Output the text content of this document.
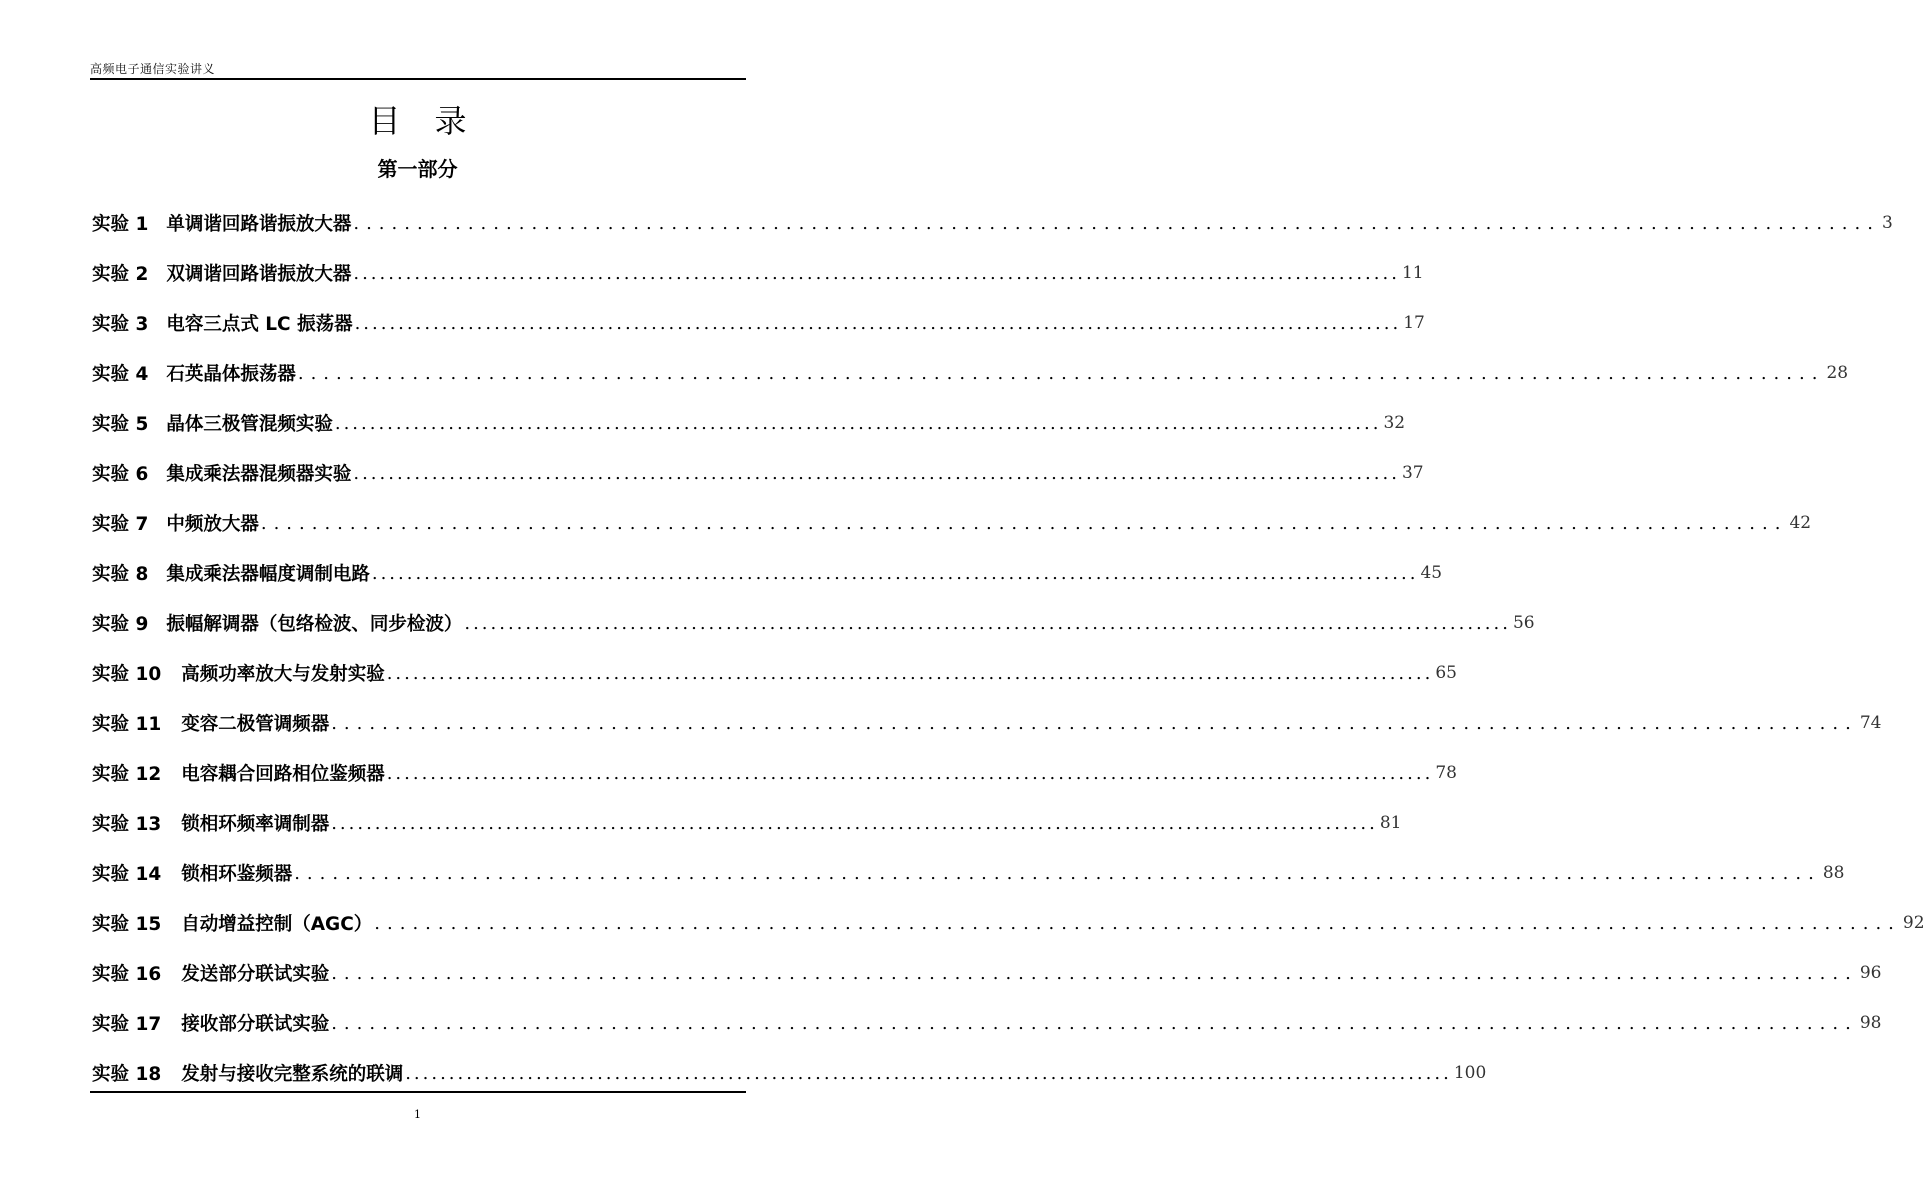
高频电子通信实验讲义
目录
第一部分
实验 1 单调谐回路谐振放大器 ........................................................................................................................ 3
实验 2 双调谐回路谐振放大器 ........................................................................................................................ 11
实验 3 电容三点式 LC 振荡器 ........................................................................................................................ 17
实验 4 石英晶体振荡器 ........................................................................................................................ 28
实验 5 晶体三极管混频实验 ........................................................................................................................ 32
实验 6 集成乘法器混频器实验 ........................................................................................................................ 37
实验 7 中频放大器 ........................................................................................................................ 42
实验 8 集成乘法器幅度调制电路 ........................................................................................................................ 45
实验 9 振幅解调器（包络检波、同步检波） ........................................................................................................................ 56
实验 10	高频功率放大与发射实验 ........................................................................................................................ 65
实验 11	变容二极管调频器 ........................................................................................................................ 74
实验 12	电容耦合回路相位鉴频器 ........................................................................................................................ 78
实验 13	锁相环频率调制器 ........................................................................................................................ 81
实验 14	锁相环鉴频器 ........................................................................................................................ 88
实验 15	自动增益控制（AGC） ........................................................................................................................ 92
实验 16	发送部分联试实验 ........................................................................................................................ 96
实验 17	接收部分联试实验 ........................................................................................................................ 98
实验 18	发射与接收完整系统的联调 ........................................................................................................................ 100
1
